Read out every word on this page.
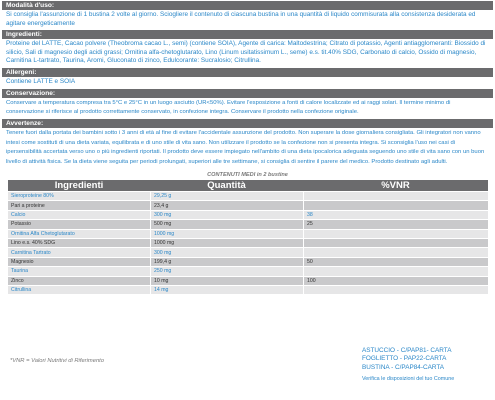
Modalità d'uso:
Si consiglia l'assunzione di 1 bustina 2 volte al giorno. Sciogliere il contenuto di ciascuna bustina in una quantità di liquido commisurata alla consistenza desiderata ed agitare energeticamente
Ingredienti:
Proteine del LATTE, Cacao polvere (Theobroma cacao L., semi) (contiene SOIA), Agente di carica: Maltodestrina; Citrato di potassio, Agenti antiagglomeranti: Biossido di silicio, Sali di magnesio degli acidi grassi; Ornitina alfa-chetoglutarato, Lino (Linum usitatissimum L., seme) e.s. tit.40% SDG, Carbonato di calcio, Ossido di magnesio, Carnitina L-tartrato, Taurina, Aromi, Gluconato di zinco, Edulcorante: Sucralosio; Citrullina.
Allergeni:
Contiene LATTE e SOIA
Conservazione:
Conservare a temperatura compresa tra 5°C e 25°C in un luogo asciutto (UR<50%). Evitare l'esposizione a fonti di calore localizzate ed ai raggi solari. Il termine minimo di conservazione si riferisce al prodotto correttamente conservato, in confezione integra. Conservare il prodotto nella confezione originale.
Avvertenze:
Tenere fuori dalla portata dei bambini sotto i 3 anni di età al fine di evitare l'accidentale assunzione del prodotto. Non superare la dose giornaliera consigliata. Gli integratori non vanno intesi come sostituti di una dieta variata, equilibrata e di uno stile di vita sano. Non utilizzare il prodotto se la confezione non si presenta integra. Si sconsiglia l'uso nei casi di ipersensibilità accertata verso uno o più ingredienti riportati. Il prodotto deve essere impiegato nell'ambito di una dieta ipocalorica adeguata seguendo uno stile di vita sano con un buon livello di attività fisica. Se la dieta viene seguita per periodi prolungati, superiori alle tre settimane, si consiglia di sentire il parere del medico. Prodotto destinato agli adulti.
CONTENUTI MEDI in 2 bustine
Ingredienti	Quantità	%VNR
Sieroproteine 80%	29,25 g	
Pari a proteine	23,4 g	
Calcio	300 mg	38
Potassio	500 mg	25
Ornitina Alfa Chetoglutarato	1000 mg	
Lino e.s. 40% SDG	1000 mg	
Carnitina Tartrato	300 mg	
Magnesio	199,4 g	50
Taurina	250 mg	
Zinco	10 mg	100
Citrullina	14 mg	
*VNR = Valori Nutritivi di Riferimento
ASTUCCIO - C/PAP81- CARTA
FOGLIETTO - PAP22-CARTA
BUSTINA - C/PAP84-CARTA
Verifica le disposizioni del tuo Comune
